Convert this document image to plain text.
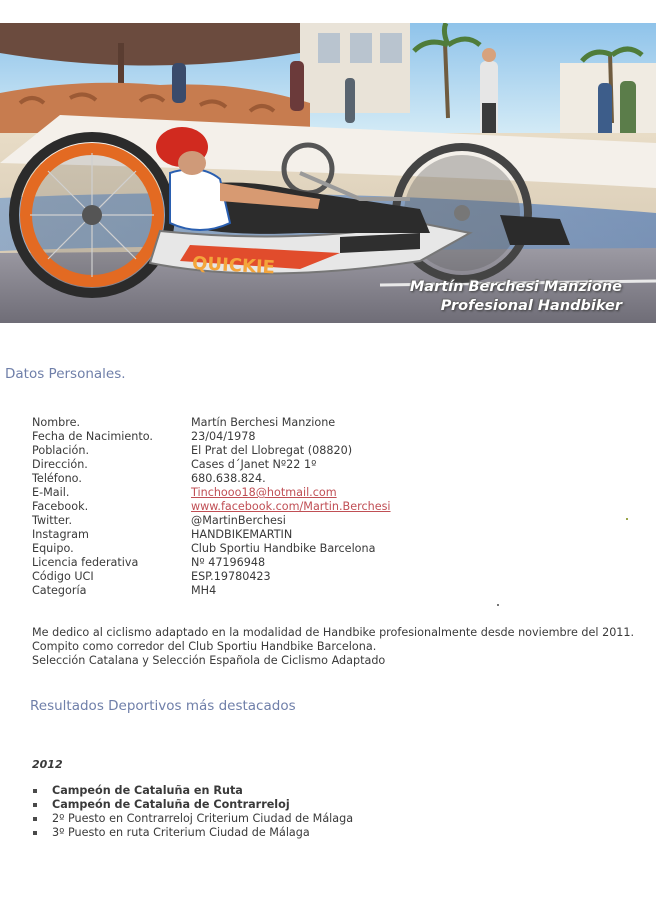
QUICKIE
Martín Berchesi Manzione
Profesional Handbiker
Datos Personales.
Nombre.	Martín Berchesi Manzione
Fecha de Nacimiento.	23/04/1978
Población.	El Prat del Llobregat (08820)
Dirección.	Cases d´Janet Nº22 1º
Teléfono.	680.638.824.
E-Mail.	Tinchooo18@hotmail.com
Facebook.	www.facebook.com/Martin.Berchesi
Twitter.	@MartinBerchesi
Instagram	HANDBIKEMARTIN
Equipo.	Club Sportiu Handbike Barcelona
Licencia federativa	Nº 47196948
Código UCI	ESP.19780423
Categoría	MH4
Me dedico al ciclismo adaptado en la modalidad de Handbike profesionalmente desde noviembre del 2011.
Compito como corredor del Club Sportiu Handbike Barcelona.
Selección Catalana y Selección Española de Ciclismo Adaptado
Resultados Deportivos más destacados
2012
Campeón de Cataluña en Ruta
Campeón de Cataluña de Contrarreloj
2º Puesto en Contrarreloj Criterium Ciudad de Málaga
3º Puesto en ruta Criterium Ciudad de Málaga
